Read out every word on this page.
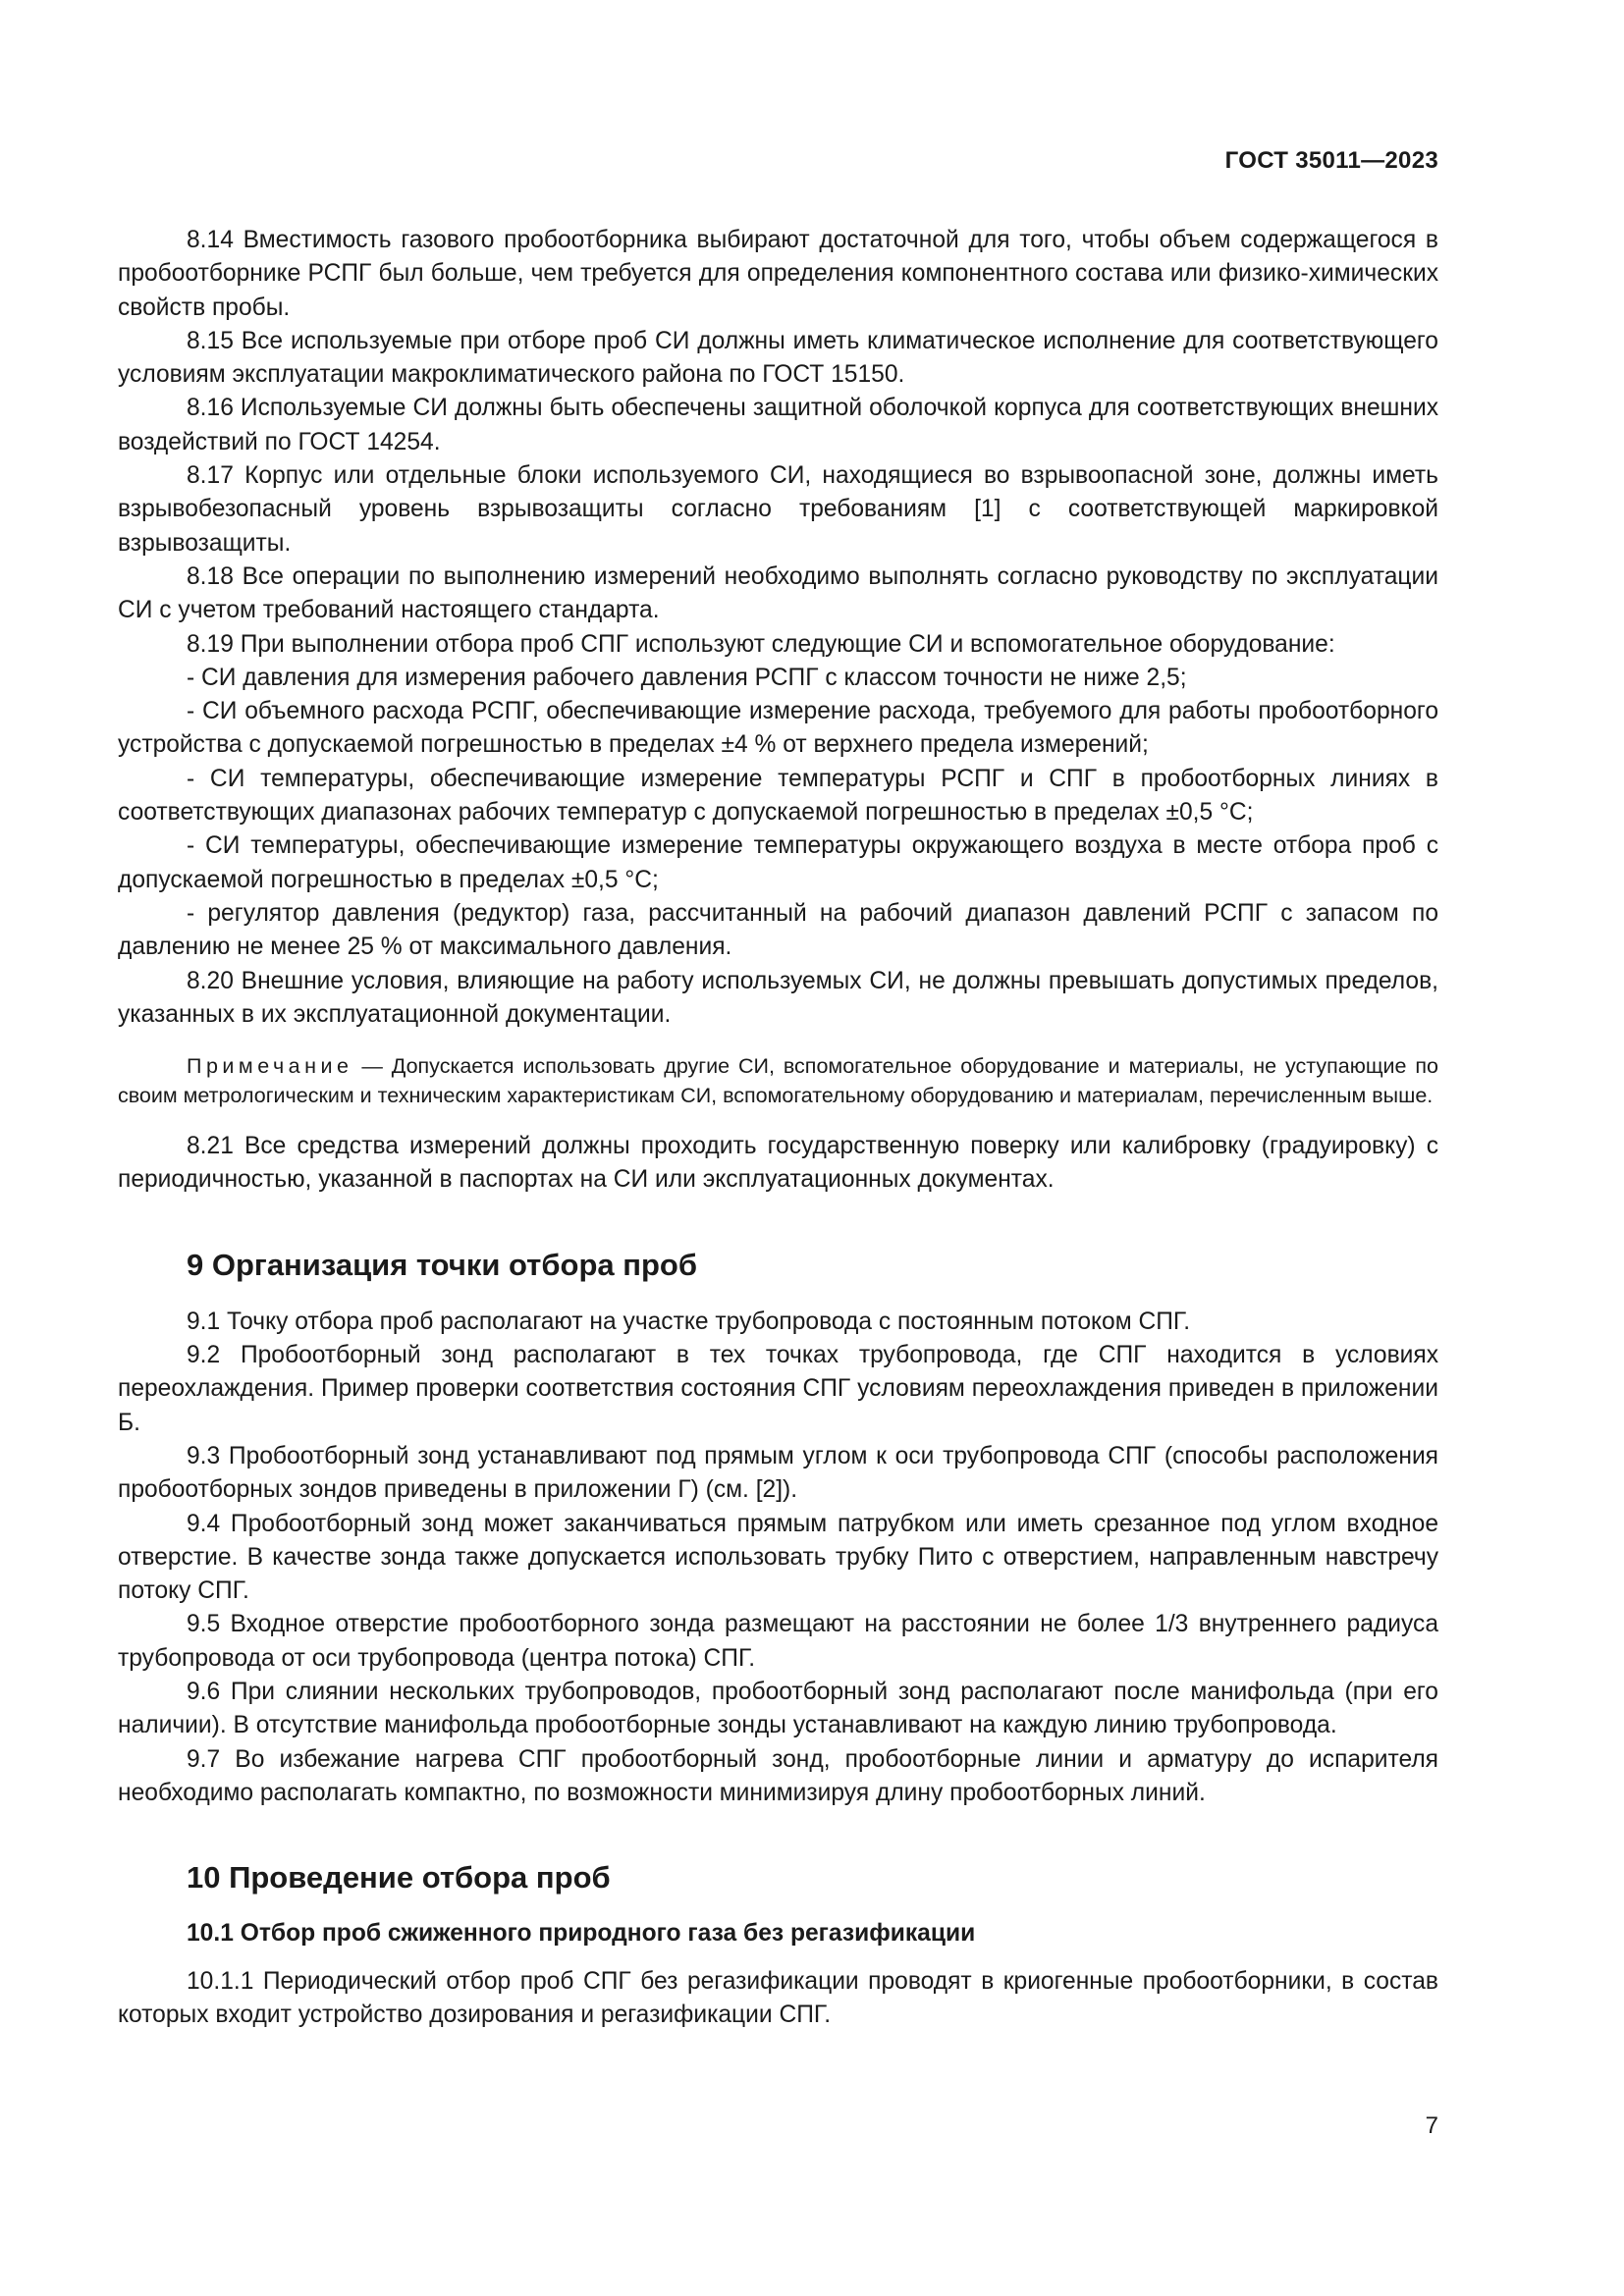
ГОСТ 35011—2023

8.14 Вместимость газового пробоотборника выбирают достаточной для того, чтобы объем содержащегося в пробоотборнике РСПГ был больше, чем требуется для определения компонентного состава или физико-химических свойств пробы.

8.15 Все используемые при отборе проб СИ должны иметь климатическое исполнение для соответствующего условиям эксплуатации макроклиматического района по ГОСТ 15150.

8.16 Используемые СИ должны быть обеспечены защитной оболочкой корпуса для соответствующих внешних воздействий по ГОСТ 14254.

8.17 Корпус или отдельные блоки используемого СИ, находящиеся во взрывоопасной зоне, должны иметь взрывобезопасный уровень взрывозащиты согласно требованиям [1] с соответствующей маркировкой взрывозащиты.

8.18 Все операции по выполнению измерений необходимо выполнять согласно руководству по эксплуатации СИ с учетом требований настоящего стандарта.

8.19 При выполнении отбора проб СПГ используют следующие СИ и вспомогательное оборудование:

- СИ давления для измерения рабочего давления РСПГ с классом точности не ниже 2,5;

- СИ объемного расхода РСПГ, обеспечивающие измерение расхода, требуемого для работы пробоотборного устройства с допускаемой погрешностью в пределах ±4 % от верхнего предела измерений;

- СИ температуры, обеспечивающие измерение температуры РСПГ и СПГ в пробоотборных линиях в соответствующих диапазонах рабочих температур с допускаемой погрешностью в пределах ±0,5 °С;

- СИ температуры, обеспечивающие измерение температуры окружающего воздуха в месте отбора проб с допускаемой погрешностью в пределах ±0,5 °С;

- регулятор давления (редуктор) газа, рассчитанный на рабочий диапазон давлений РСПГ с запасом по давлению не менее 25 % от максимального давления.

8.20 Внешние условия, влияющие на работу используемых СИ, не должны превышать допустимых пределов, указанных в их эксплуатационной документации.

Примечание — Допускается использовать другие СИ, вспомогательное оборудование и материалы, не уступающие по своим метрологическим и техническим характеристикам СИ, вспомогательному оборудованию и материалам, перечисленным выше.

8.21 Все средства измерений должны проходить государственную поверку или калибровку (градуировку) с периодичностью, указанной в паспортах на СИ или эксплуатационных документах.

9 Организация точки отбора проб

9.1 Точку отбора проб располагают на участке трубопровода с постоянным потоком СПГ.

9.2 Пробоотборный зонд располагают в тех точках трубопровода, где СПГ находится в условиях переохлаждения. Пример проверки соответствия состояния СПГ условиям переохлаждения приведен в приложении Б.

9.3 Пробоотборный зонд устанавливают под прямым углом к оси трубопровода СПГ (способы расположения пробоотборных зондов приведены в приложении Г) (см. [2]).

9.4 Пробоотборный зонд может заканчиваться прямым патрубком или иметь срезанное под углом входное отверстие. В качестве зонда также допускается использовать трубку Пито с отверстием, направленным навстречу потоку СПГ.

9.5 Входное отверстие пробоотборного зонда размещают на расстоянии не более 1/3 внутреннего радиуса трубопровода от оси трубопровода (центра потока) СПГ.

9.6 При слиянии нескольких трубопроводов, пробоотборный зонд располагают после манифольда (при его наличии). В отсутствие манифольда пробоотборные зонды устанавливают на каждую линию трубопровода.

9.7 Во избежание нагрева СПГ пробоотборный зонд, пробоотборные линии и арматуру до испарителя необходимо располагать компактно, по возможности минимизируя длину пробоотборных линий.

10 Проведение отбора проб
10.1 Отбор проб сжиженного природного газа без регазификации

10.1.1 Периодический отбор проб СПГ без регазификации проводят в криогенные пробоотборники, в состав которых входит устройство дозирования и регазификации СПГ.

7
